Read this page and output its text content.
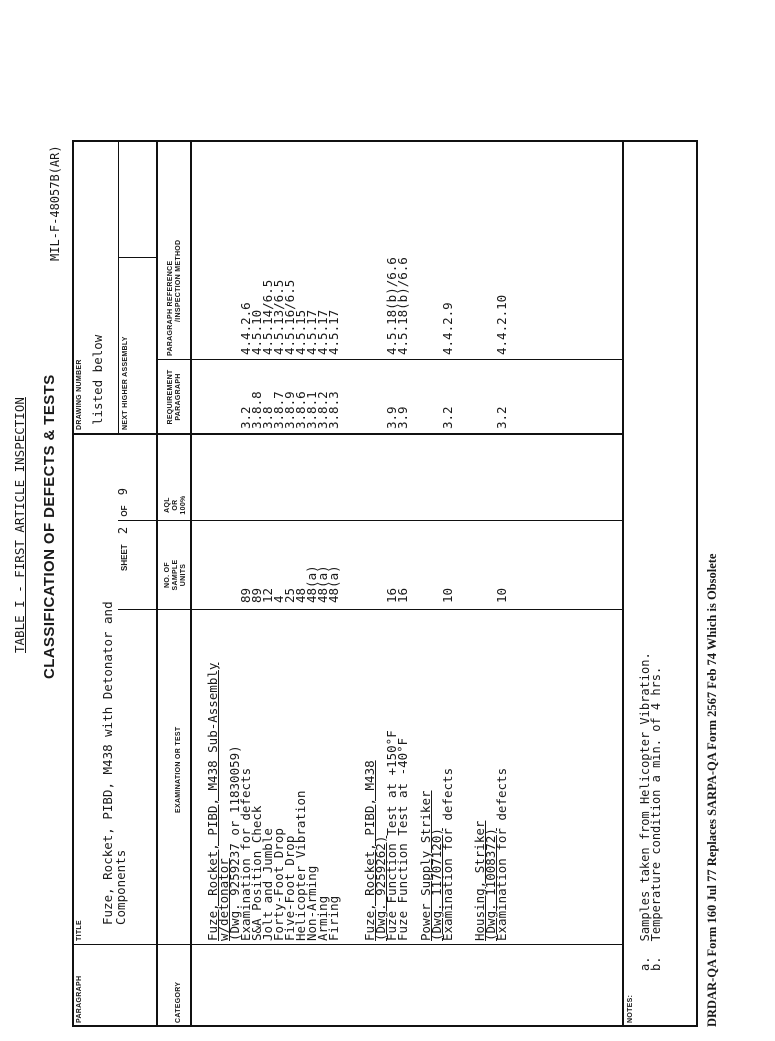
TABLE I - FIRST ARTICLE INSPECTION CLASSIFICATION OF DEFECTS & TESTS
MIL-F-48057B(AR)
PARAGRAPH
TITLE
Fuze, Rocket, PIBD, M438 with Detonator and
Components
SHEET 2 OF 9
DRAWING NUMBER listed below NEXT HIGHER ASSEMBLY
CATEGORY
EXAMINATION OR TEST
NO. OF SAMPLE UNITS
AQL OR 100%
REQUIREMENT PARAGRAPH
PARAGRAPH REFERENCE /INSPECTION METHOD
Fuze, Rocket, PIBD, M438 Sub-Assembly
w/detonator
(Dwg. 9259237 or 11830059)
Examination for defects
S&A Position Check
Jolt and Jumble
Forty-Foot Drop
Five-Foot Drop
Helicopter Vibration
Non-Arming
Arming
Firing
89
89
12
4
25
48
48(a)
48(a)
48(a)
3.2
3.8.8
3.8
3.8.7
3.8.9
3.8.6
3.8.1
3.8.2
3.8.3
4.4.2.6
4.5.10
4.5.14/6.5
4.5.13/6.5
4.5.16/6.5
4.5.15
4.5.17
4.5.17
4.5.17
Fuze, Rocket, PIBD, M438
(Dwg. 9259262)
Fuze Function Test at +150°F
Fuze Function Test at -40°F
16
16
3.9
3.9
4.5.18(b)/6.6
4.5.18(b)/6.6
Power Supply Striker
(Dwg. 11707120)
Examination for defects
10
3.2
4.4.2.9
Housing, Striker
(Dwg. 11008372)
Examination for defects
10
3.2
4.4.2.10
NOTES:
a. Samples taken from Helicopter Vibration.
b. Temperature condition a min. of 4 hrs.	DRDAR-QA Form 160 Jul 77 Replaces SARPA-QA Form 2567 Feb 74 Which is Obsolete
